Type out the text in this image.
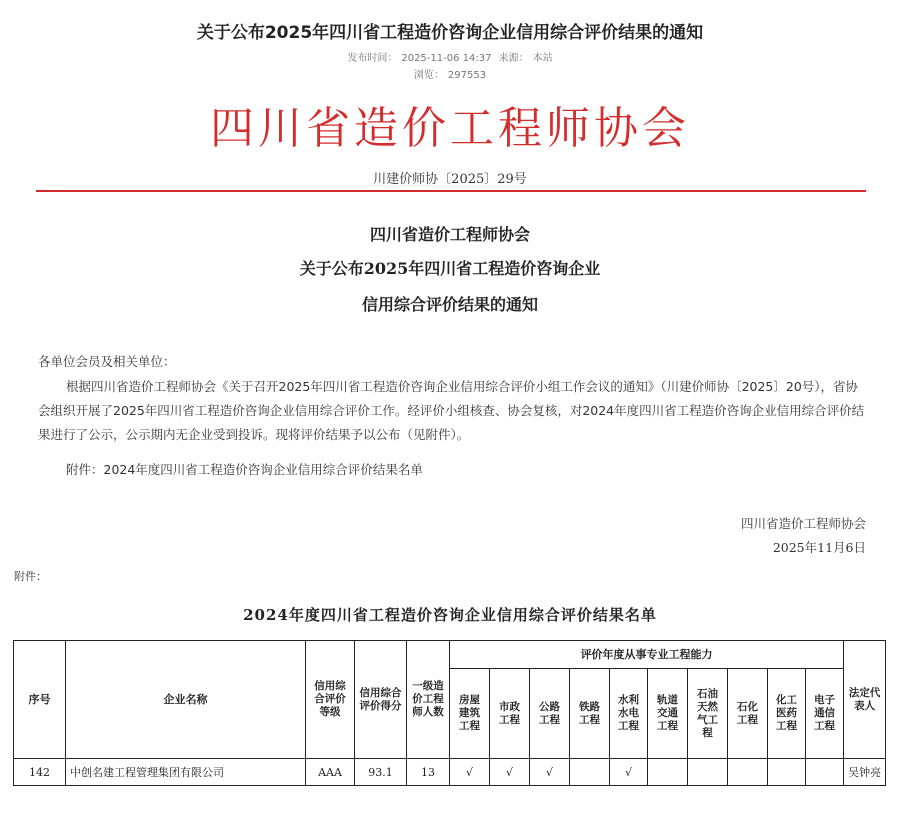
关于公布2025年四川省工程造价咨询企业信用综合评价结果的通知
发布时间： 2025-11-06 14:37 来源： 本站
浏览： 297553
四川省造价工程师协会
川建价师协〔2025〕29号
四川省造价工程师协会
关于公布2025年四川省工程造价咨询企业
信用综合评价结果的通知
各单位会员及相关单位：
根据四川省造价工程师协会《关于召开2025年四川省工程造价咨询企业信用综合评价小组工作会议的通知》（川建价师协〔2025〕20号），省协会组织开展了2025年四川省工程造价咨询企业信用综合评价工作。经评价小组核查、协会复核，对2024年度四川省工程造价咨询企业信用综合评价结果进行了公示，公示期内无企业受到投诉。现将评价结果予以公布（见附件）。
附件：2024年度四川省工程造价咨询企业信用综合评价结果名单
四川省造价工程师协会
2025年11月6日
附件：
2024年度四川省工程造价咨询企业信用综合评价结果名单
序号	企业名称	信用综合评价等级	信用综合评价得分	一级造价工程师人数	评价年度从事专业工程能力										法定代表人
					房屋建筑工程	市政工程	公路工程	铁路工程	水利水电工程	轨道交通工程	石油天然气工程	石化工程	化工医药工程	电子通信工程	
142	中创名建工程管理集团有限公司	AAA	93.1	13	√	√	√		√						吴钟亮
